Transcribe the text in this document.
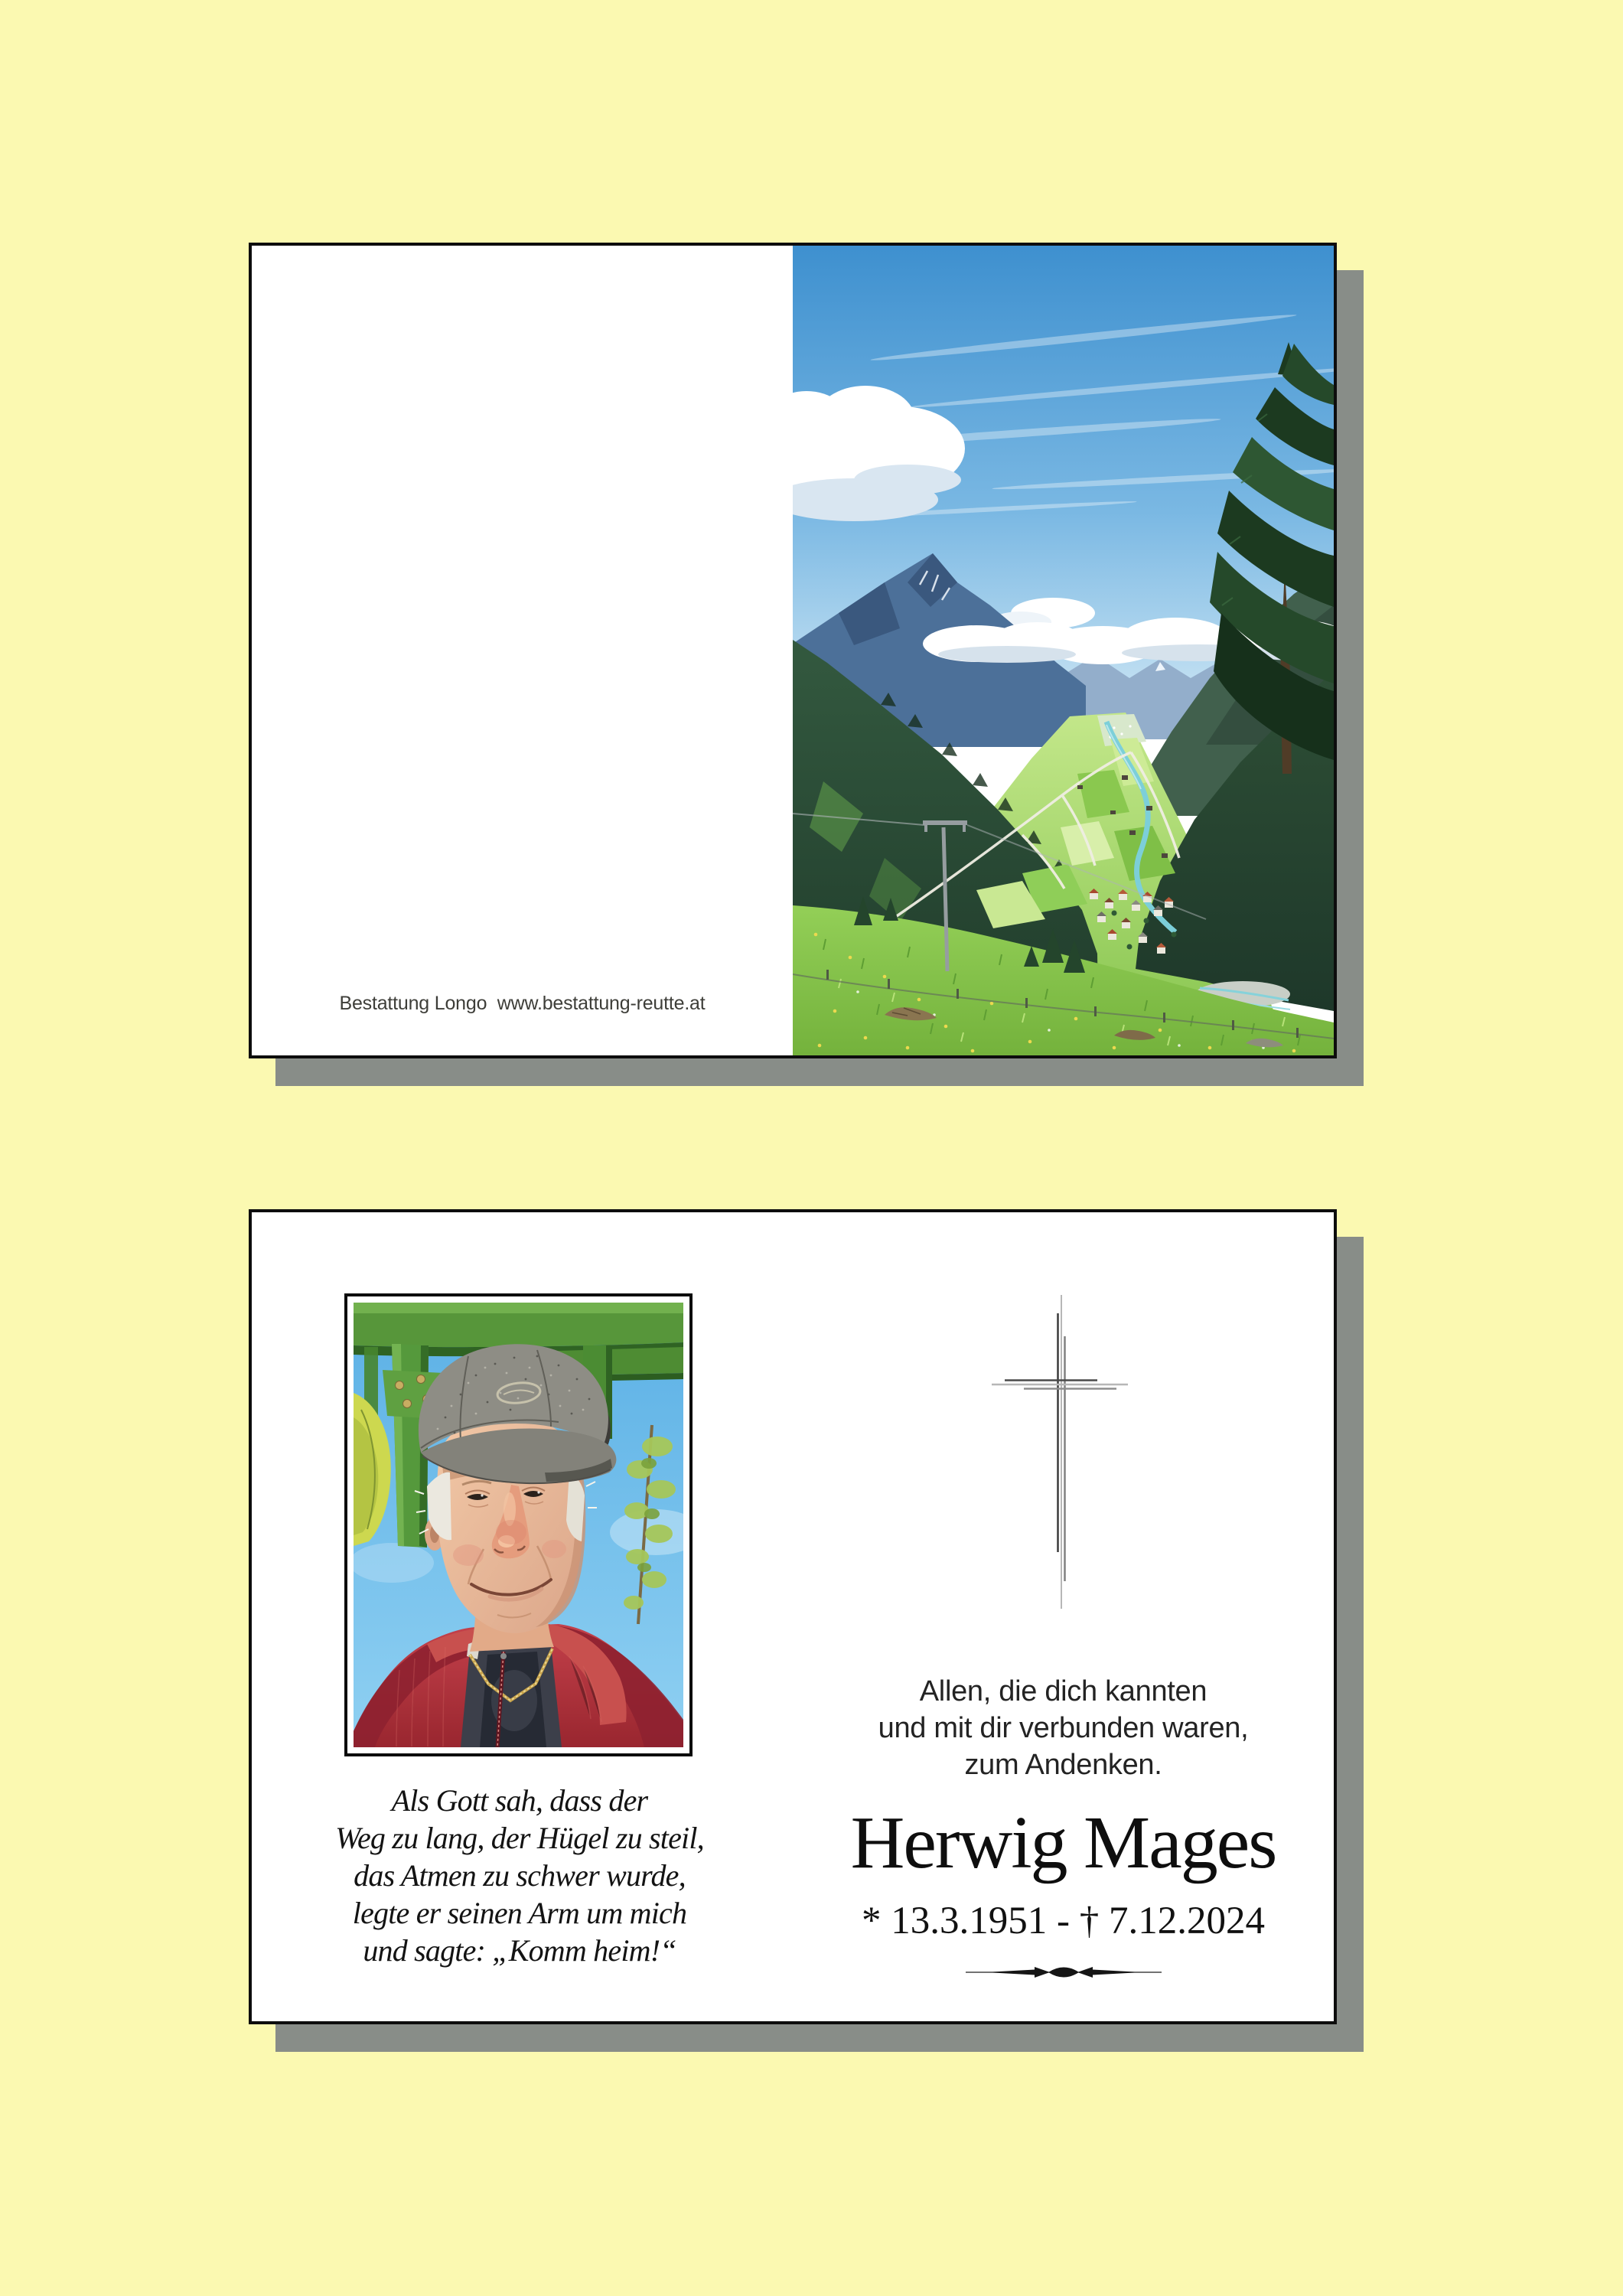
Bestattung Longo  www.bestattung-reutte.at
Als Gott sah, dass der
Weg zu lang, der Hügel zu steil,
das Atmen zu schwer wurde,
legte er seinen Arm um mich
und sagte: „Komm heim!“
Allen, die dich kannten
und mit dir verbunden waren,
zum Andenken.
Herwig Mages
* 13.3.1951 - † 7.12.2024
